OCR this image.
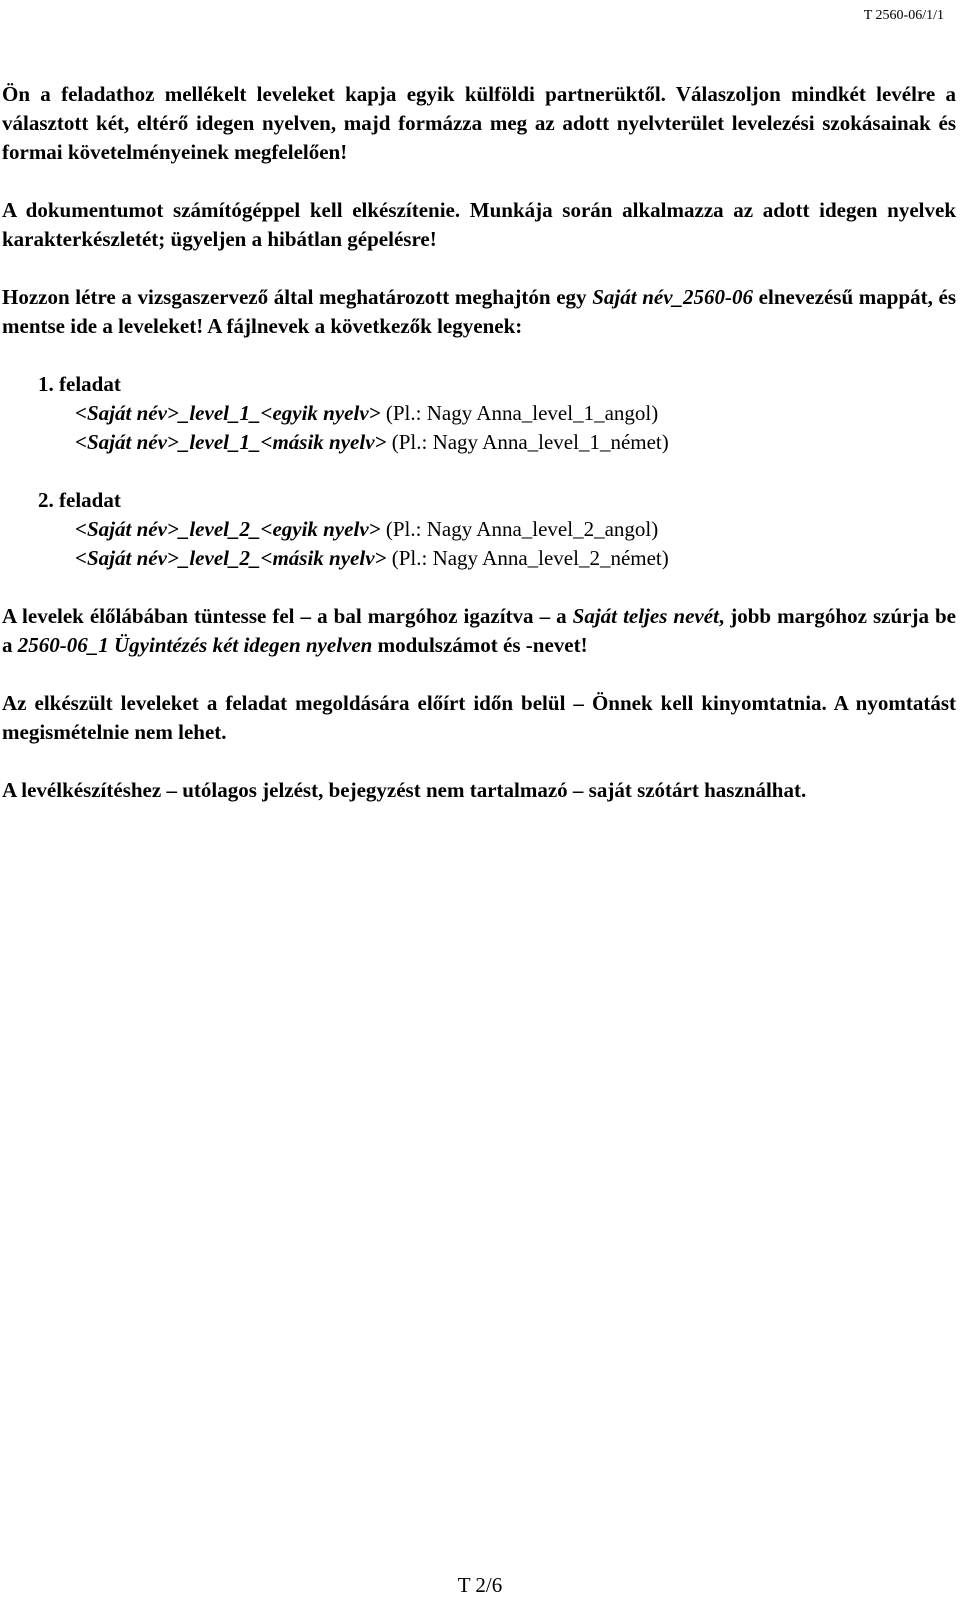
T 2560-06/1/1

Ön a feladathoz mellékelt leveleket kapja egyik külföldi partnerüktől. Válaszoljon mindkét levélre a választott két, eltérő idegen nyelven, majd formázza meg az adott nyelvterület levelezési szokásainak és formai követelményeinek megfelelően!

A dokumentumot számítógéppel kell elkészítenie. Munkája során alkalmazza az adott idegen nyelvek karakterkészletét; ügyeljen a hibátlan gépelésre!

Hozzon létre a vizsgaszervező által meghatározott meghajtón egy Saját név_2560-06 elnevezésű mappát, és mentse ide a leveleket! A fájlnevek a következők legyenek:

1. feladat
<Saját név>_level_1_<egyik nyelv> (Pl.: Nagy Anna_level_1_angol)
<Saját név>_level_1_<másik nyelv> (Pl.: Nagy Anna_level_1_német)
2. feladat
<Saját név>_level_2_<egyik nyelv> (Pl.: Nagy Anna_level_2_angol)
<Saját név>_level_2_<másik nyelv> (Pl.: Nagy Anna_level_2_német)

A levelek élőlábában tüntesse fel – a bal margóhoz igazítva – a Saját teljes nevét, jobb margóhoz szúrja be a 2560-06_1 Ügyintézés két idegen nyelven modulszámot és -nevet!

Az elkészült leveleket a feladat megoldására előírt időn belül – Önnek kell kinyomtatnia. A nyomtatást megismételnie nem lehet.

A levélkészítéshez – utólagos jelzést, bejegyzést nem tartalmazó – saját szótárt használhat.

T 2/6
